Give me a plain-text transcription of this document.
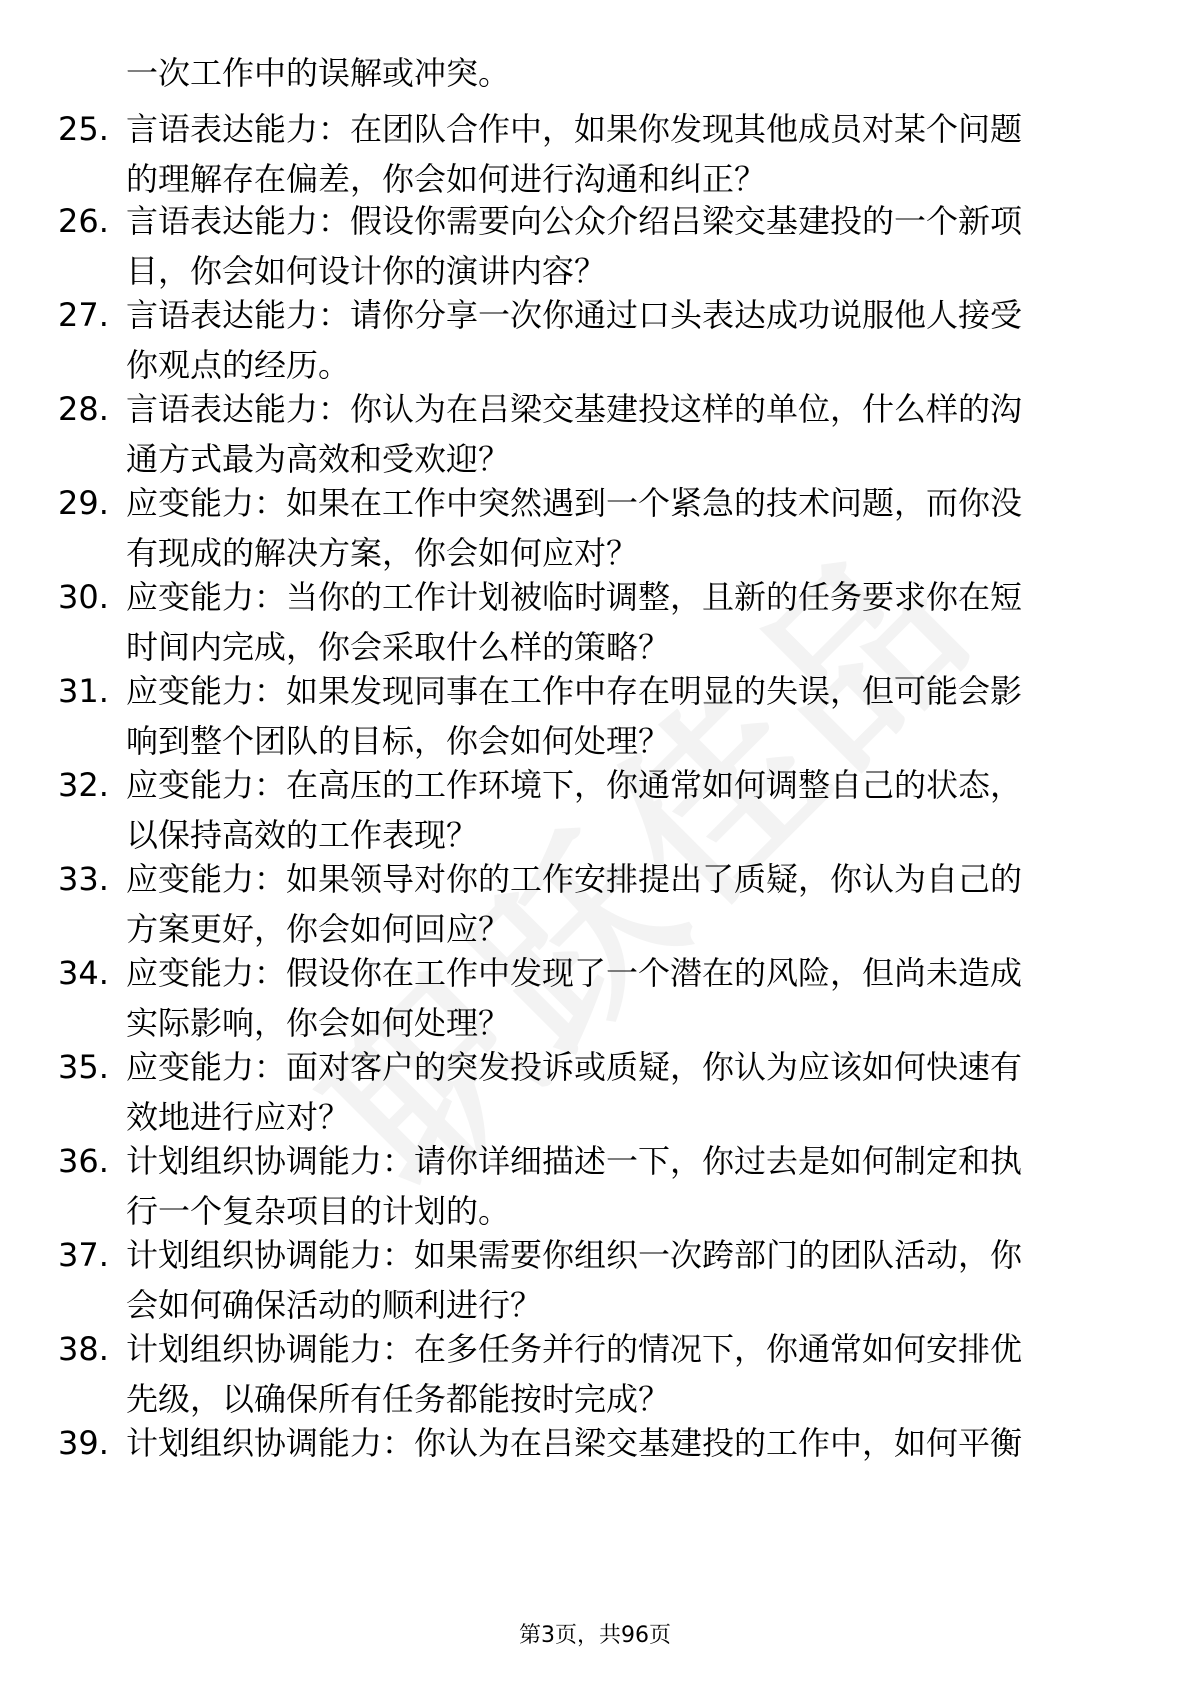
一次工作中的误解或冲突。

25. 言语表达能力：在团队合作中，如果你发现其他成员对某个问题
的理解存在偏差，你会如何进行沟通和纠正？

26. 言语表达能力：假设你需要向公众介绍吕梁交基建投的一个新项
目，你会如何设计你的演讲内容？

27. 言语表达能力：请你分享一次你通过口头表达成功说服他人接受
你观点的经历。

28. 言语表达能力：你认为在吕梁交基建投这样的单位，什么样的沟
通方式最为高效和受欢迎？

29. 应变能力：如果在工作中突然遇到一个紧急的技术问题，而你没
有现成的解决方案，你会如何应对？

30. 应变能力：当你的工作计划被临时调整，且新的任务要求你在短
时间内完成，你会采取什么样的策略？

31. 应变能力：如果发现同事在工作中存在明显的失误，但可能会影
响到整个团队的目标，你会如何处理？

32. 应变能力：在高压的工作环境下，你通常如何调整自己的状态，
以保持高效的工作表现？

33. 应变能力：如果领导对你的工作安排提出了质疑，你认为自己的
方案更好，你会如何回应？

34. 应变能力：假设你在工作中发现了一个潜在的风险，但尚未造成
实际影响，你会如何处理？

35. 应变能力：面对客户的突发投诉或质疑，你认为应该如何快速有
效地进行应对？

36. 计划组织协调能力：请你详细描述一下，你过去是如何制定和执
行一个复杂项目的计划的。

37. 计划组织协调能力：如果需要你组织一次跨部门的团队活动，你
会如何确保活动的顺利进行？

38. 计划组织协调能力：在多任务并行的情况下，你通常如何安排优
先级，以确保所有任务都能按时完成？

39. 计划组织协调能力：你认为在吕梁交基建投的工作中，如何平衡

第3页，共96页
